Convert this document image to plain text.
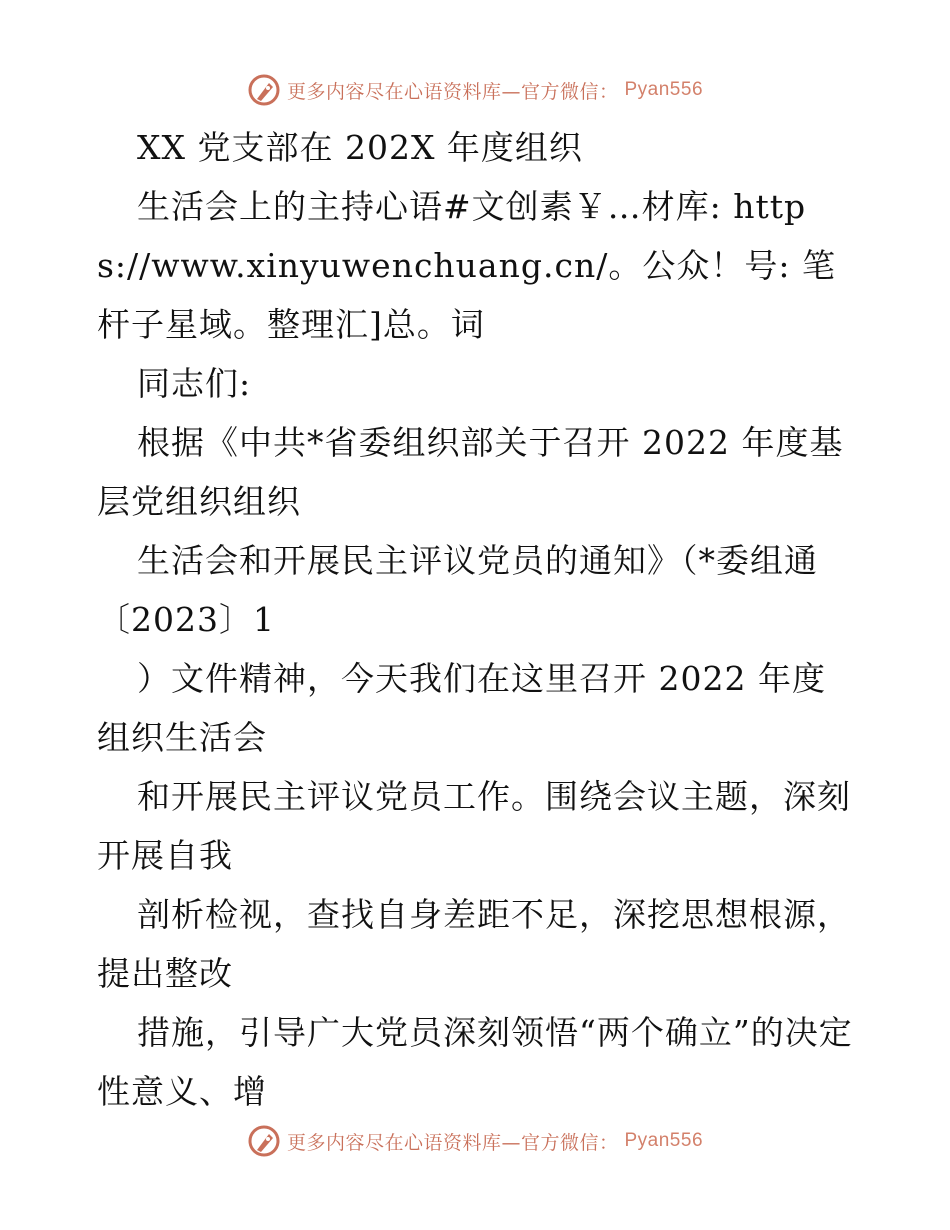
更多内容尽在心语资料库—官方微信： Pyan556

XX 党支部在 202X 年度组织

生活会上的主持心语#文创素￥…材库: https://www.xinyuwenchuang.cn/。公众！号: 笔杆子星域。整理汇]总。词

同志们:

根据《中共*省委组织部关于召开 2022 年度基层党组织组织

生活会和开展民主评议党员的通知》（*委组通〔2023〕1

）文件精神，今天我们在这里召开 2022 年度组织生活会

和开展民主评议党员工作。围绕会议主题，深刻开展自我

剖析检视，查找自身差距不足，深挖思想根源，提出整改

措施，引导广大党员深刻领悟“两个确立”的决定性意义、增

更多内容尽在心语资料库—官方微信： Pyan556
